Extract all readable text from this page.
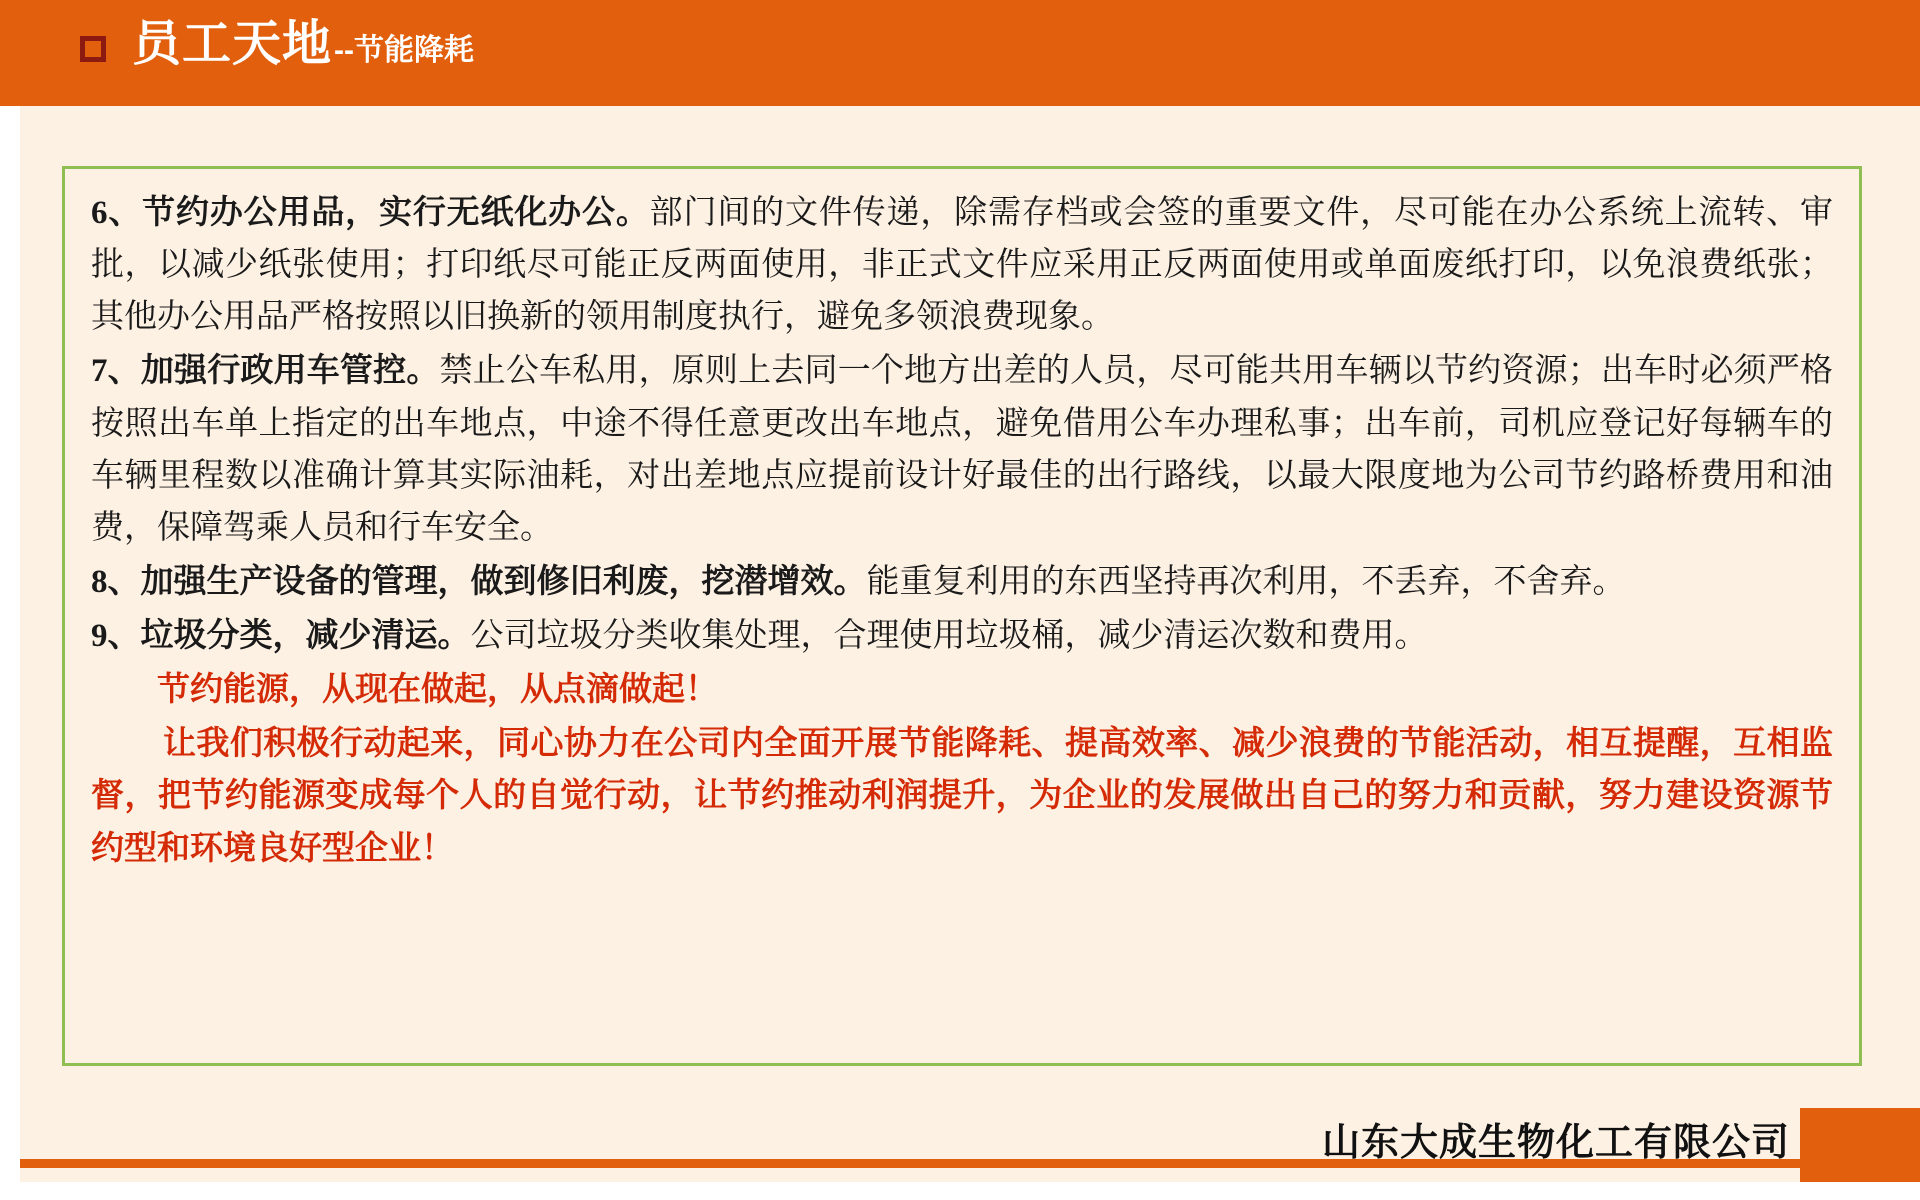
员工天地 --节能降耗

6、节约办公用品，实行无纸化办公。部门间的文件传递，除需存档或会签的重要文件，尽可能在办公系统上流转、审批，以减少纸张使用；打印纸尽可能正反两面使用，非正式文件应采用正反两面使用或单面废纸打印，以免浪费纸张；其他办公用品严格按照以旧换新的领用制度执行，避免多领浪费现象。

7、加强行政用车管控。禁止公车私用，原则上去同一个地方出差的人员，尽可能共用车辆以节约资源；出车时必须严格按照出车单上指定的出车地点，中途不得任意更改出车地点，避免借用公车办理私事；出车前，司机应登记好每辆车的车辆里程数以准确计算其实际油耗，对出差地点应提前设计好最佳的出行路线，以最大限度地为公司节约路桥费用和油费，保障驾乘人员和行车安全。

8、加强生产设备的管理，做到修旧利废，挖潜增效。能重复利用的东西坚持再次利用，不丢弃，不舍弃。

9、垃圾分类，减少清运。公司垃圾分类收集处理，合理使用垃圾桶，减少清运次数和费用。

节约能源，从现在做起，从点滴做起！

让我们积极行动起来，同心协力在公司内全面开展节能降耗、提高效率、减少浪费的节能活动，相互提醒，互相监督，把节约能源变成每个人的自觉行动，让节约推动利润提升，为企业的发展做出自己的努力和贡献，努力建设资源节约型和环境良好型企业！

山东大成生物化工有限公司
